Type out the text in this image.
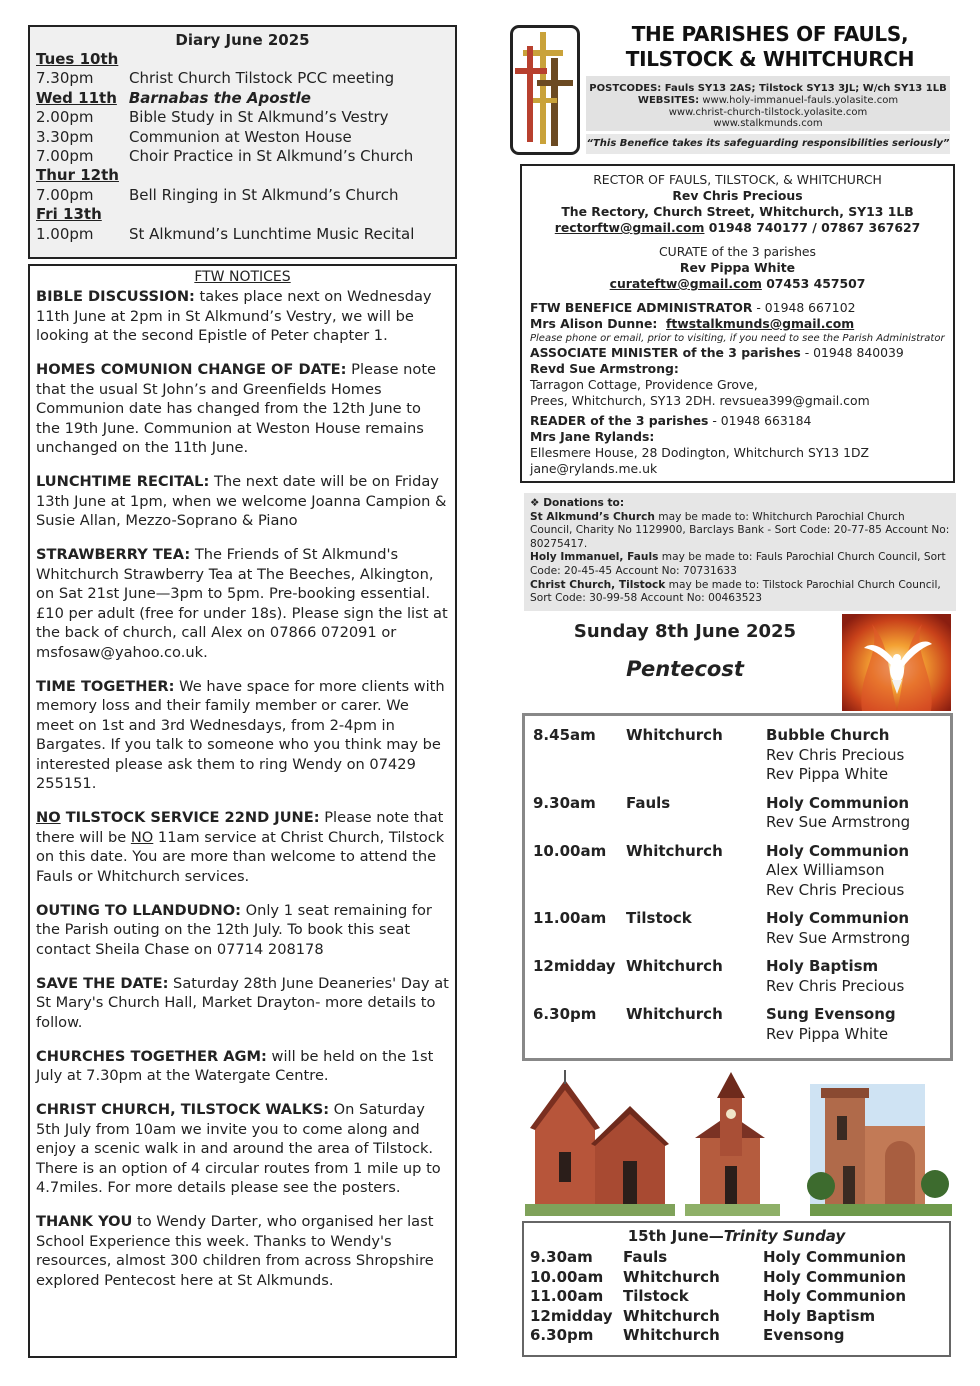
Diary June 2025
Tues 10th
7.30pm	Christ Church Tilstock PCC meeting
Wed 11th Barnabas the Apostle
2.00pm	Bible Study in St Alkmund’s Vestry
3.30pm	Communion at Weston House
7.00pm	Choir Practice in St Alkmund’s Church
Thur 12th
7.00pm	Bell Ringing in St Alkmund’s Church
Fri 13th
1.00pm	St Alkmund’s Lunchtime Music Recital
FTW NOTICES

BIBLE DISCUSSION: takes place next on Wednesday 11th June at 2pm in St Alkmund’s Vestry, we will be looking at the second Epistle of Peter chapter 1.

HOMES COMUNION CHANGE OF DATE: Please note that the usual St John’s and Greenfields Homes Communion date has changed from the 12th June to the 19th June. Communion at Weston House remains unchanged on the 11th June.

LUNCHTIME RECITAL: The next date will be on Friday 13th June at 1pm, when we welcome Joanna Campion & Susie Allan, Mezzo-Soprano & Piano

STRAWBERRY TEA: The Friends of St Alkmund's Whitchurch Strawberry Tea at The Beeches, Alkington, on Sat 21st June—3pm to 5pm. Pre-booking essential. £10 per adult (free for under 18s). Please sign the list at the back of church, call Alex on 07866 072091 or msfosaw@yahoo.co.uk.

TIME TOGETHER: We have space for more clients with memory loss and their family member or carer. We meet on 1st and 3rd Wednesdays, from 2-4pm in Bargates. If you talk to someone who you think may be interested please ask them to ring Wendy on 07429 255151.

NO TILSTOCK SERVICE 22ND JUNE: Please note that there will be NO 11am service at Christ Church, Tilstock on this date. You are more than welcome to attend the Fauls or Whitchurch services.

OUTING TO LLANDUDNO: Only 1 seat remaining for the Parish outing on the 12th July. To book this seat contact Sheila Chase on 07714 208178

SAVE THE DATE: Saturday 28th June Deaneries' Day at St Mary's Church Hall, Market Drayton- more details to follow.

CHURCHES TOGETHER AGM: will be held on the 1st July at 7.30pm at the Watergate Centre.

CHRIST CHURCH, TILSTOCK WALKS: On Saturday 5th July from 10am we invite you to come along and enjoy a scenic walk in and around the area of Tilstock. There is an option of 4 circular routes from 1 mile up to 4.7miles. For more details please see the posters.

THANK YOU to Wendy Darter, who organised her last School Experience this week. Thanks to Wendy's resources, almost 300 children from across Shropshire explored Pentecost here at St Alkmunds.

THE PARISHES OF FAULS,
TILSTOCK & WHITCHURCH
POSTCODES: Fauls SY13 2AS; Tilstock SY13 3JL; W/ch SY13 1LB
WEBSITES: www.holy-immanuel-fauls.yolasite.com
www.christ-church-tilstock.yolasite.com
www.stalkmunds.com
“This Benefice takes its safeguarding responsibilities seriously”
RECTOR OF FAULS, TILSTOCK, & WHITCHURCH
Rev Chris Precious
The Rectory, Church Street, Whitchurch, SY13 1LB
rectorftw@gmail.com 01948 740177 / 07867 367627
CURATE of the 3 parishes
Rev Pippa White
curateftw@gmail.com 07453 457507
FTW BENEFICE ADMINISTRATOR - 01948 667102
Mrs Alison Dunne: ftwstalkmunds@gmail.com
Please phone or email, prior to visiting, if you need to see the Parish Administrator
ASSOCIATE MINISTER of the 3 parishes - 01948 840039
Revd Sue Armstrong:
Tarragon Cottage, Providence Grove,
Prees, Whitchurch, SY13 2DH. revsuea399@gmail.com
READER of the 3 parishes - 01948 663184
Mrs Jane Rylands:
Ellesmere House, 28 Dodington, Whitchurch SY13 1DZ
jane@rylands.me.uk
❖ Donations to:
St Alkmund’s Church may be made to: Whitchurch Parochial Church Council, Charity No 1129900, Barclays Bank - Sort Code: 20-77-85 Account No: 80275417.
Holy Immanuel, Fauls may be made to: Fauls Parochial Church Council, Sort Code: 20-45-45 Account No: 70731633
Christ Church, Tilstock may be made to: Tilstock Parochial Church Council, Sort Code: 30-99-58 Account No: 00463523
Sunday 8th June 2025
Pentecost
8.45am	Whitchurch	Bubble Church
Rev Chris Precious
Rev Pippa White
9.30am	Fauls	Holy Communion
Rev Sue Armstrong
10.00am	Whitchurch	Holy Communion
Alex Williamson
Rev Chris Precious
11.00am	Tilstock	Holy Communion
Rev Sue Armstrong
12midday Whitchurch	Holy Baptism
Rev Chris Precious
6.30pm	Whitchurch	Sung Evensong
Rev Pippa White
15th June—Trinity Sunday
9.30am	Fauls	Holy Communion
10.00am	Whitchurch	Holy Communion
11.00am	Tilstock	Holy Communion
12midday Whitchurch	Holy Baptism
6.30pm	Whitchurch	Evensong
